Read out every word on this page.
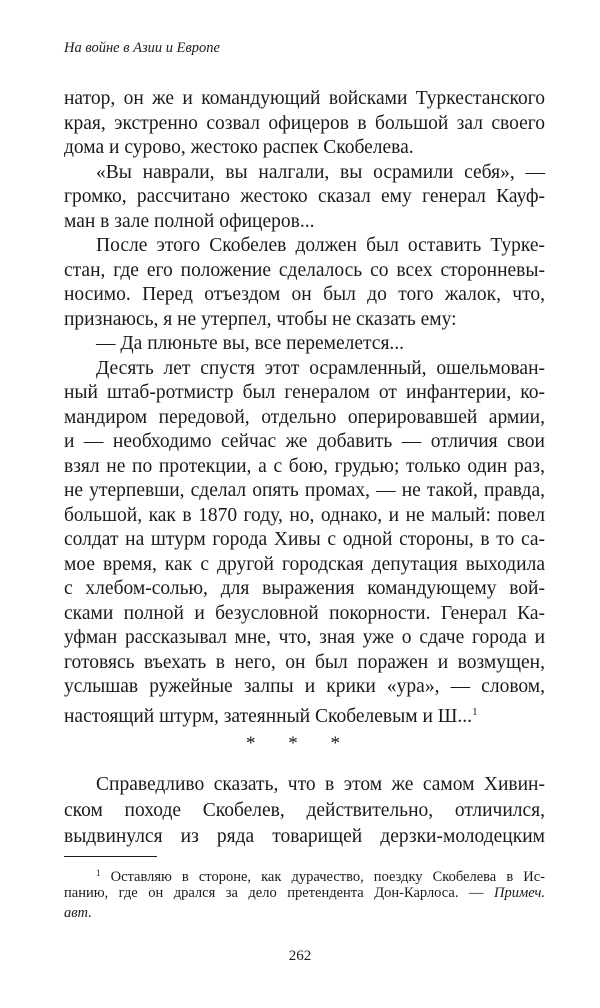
На войне в Азии и Европе
натор, он же и командующий войсками Туркестанского
края, экстренно созвал офицеров в большой зал своего
дома и сурово, жестоко распек Скобелева.
«Вы наврали, вы налгали, вы осрамили себя», —
громко, рассчитано жестоко сказал ему генерал Кауф-
ман в зале полной офицеров...
После этого Скобелев должен был оставить Турке-
стан, где его положение сделалось со всех сторонневы-
носимо. Перед отъездом он был до того жалок, что,
признаюсь, я не утерпел, чтобы не сказать ему:
— Да плюньте вы, все перемелется...
Десять лет спустя этот осрамленный, ошельмован-
ный штаб-ротмистр был генералом от инфантерии, ко-
мандиром передовой, отдельно оперировавшей армии,
и — необходимо сейчас же добавить — отличия свои
взял не по протекции, а с бою, грудью; только один раз,
не утерпевши, сделал опять промах, — не такой, правда,
большой, как в 1870 году, но, однако, и не малый: повел
солдат на штурм города Хивы с одной стороны, в то са-
мое время, как с другой городская депутация выходила
с хлебом-солью, для выражения командующему вой-
сками полной и безусловной покорности. Генерал Ка-
уфман рассказывал мне, что, зная уже о сдаче города и
готовясь въехать в него, он был поражен и возмущен,
услышав ружейные залпы и крики «ура», — словом,
настоящий штурм, затеянный Скобелевым и Ш...$^1$
* * *
Справедливо сказать, что в этом же самом Хивин-
ском походе Скобелев, действительно, отличился,
выдвинулся из ряда товарищей дерзки-молодецким
$^1$ Оставляю в стороне, как дурачество, поездку Скобелева в Ис-
панию, где он дрался за дело претендента Дон-Карлоса. — Примеч.
авт.
262
